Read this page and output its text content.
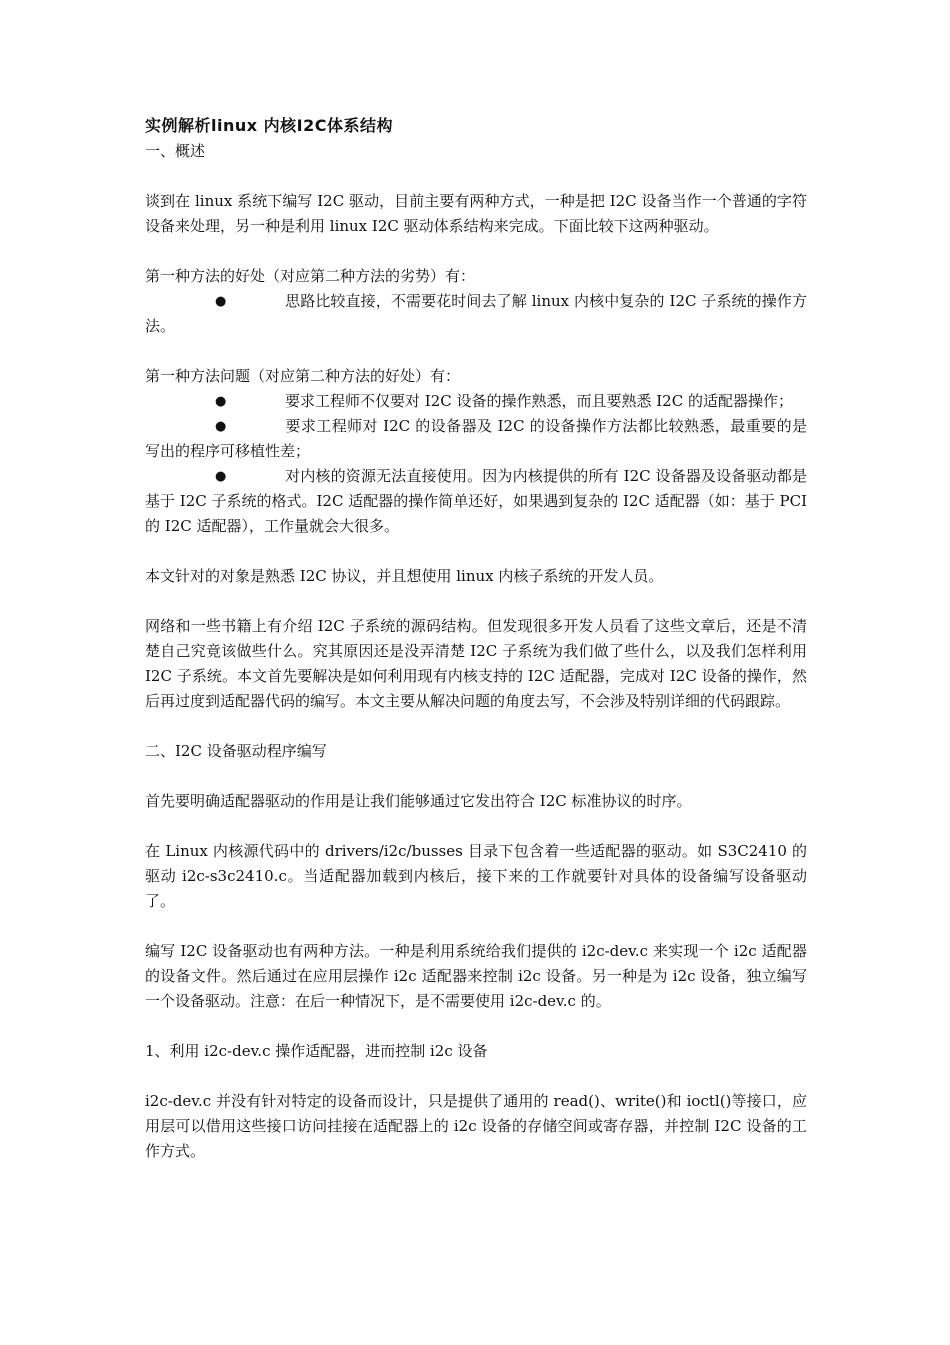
实例解析linux 内核I2C体系结构
一、概述
谈到在 linux 系统下编写 I2C 驱动，目前主要有两种方式，一种是把 I2C 设备当作一个普通的字符设备来处理，另一种是利用 linux I2C 驱动体系结构来完成。下面比较下这两种驱动。
第一种方法的好处（对应第二种方法的劣势）有：
●	思路比较直接，不需要花时间去了解 linux 内核中复杂的 I2C 子系统的操作方法。
第一种方法问题（对应第二种方法的好处）有：
●	要求工程师不仅要对 I2C 设备的操作熟悉，而且要熟悉 I2C 的适配器操作；
●	要求工程师对 I2C 的设备器及 I2C 的设备操作方法都比较熟悉，最重要的是写出的程序可移植性差；
●	对内核的资源无法直接使用。因为内核提供的所有 I2C 设备器及设备驱动都是基于 I2C 子系统的格式。I2C 适配器的操作简单还好，如果遇到复杂的 I2C 适配器（如：基于 PCI 的 I2C 适配器），工作量就会大很多。
本文针对的对象是熟悉 I2C 协议，并且想使用 linux 内核子系统的开发人员。
网络和一些书籍上有介绍 I2C 子系统的源码结构。但发现很多开发人员看了这些文章后，还是不清楚自己究竟该做些什么。究其原因还是没弄清楚 I2C 子系统为我们做了些什么，以及我们怎样利用 I2C 子系统。本文首先要解决是如何利用现有内核支持的 I2C 适配器，完成对 I2C 设备的操作，然后再过度到适配器代码的编写。本文主要从解决问题的角度去写，不会涉及特别详细的代码跟踪。
二、I2C 设备驱动程序编写
首先要明确适配器驱动的作用是让我们能够通过它发出符合 I2C 标准协议的时序。
在 Linux 内核源代码中的 drivers/i2c/busses 目录下包含着一些适配器的驱动。如 S3C2410 的驱动 i2c-s3c2410.c。当适配器加载到内核后，接下来的工作就要针对具体的设备编写设备驱动了。
编写 I2C 设备驱动也有两种方法。一种是利用系统给我们提供的 i2c-dev.c 来实现一个 i2c 适配器的设备文件。然后通过在应用层操作 i2c 适配器来控制 i2c 设备。另一种是为 i2c 设备，独立编写一个设备驱动。注意：在后一种情况下，是不需要使用 i2c-dev.c 的。
1、利用 i2c-dev.c 操作适配器，进而控制 i2c 设备
i2c-dev.c 并没有针对特定的设备而设计，只是提供了通用的 read()、write()和 ioctl()等接口，应用层可以借用这些接口访问挂接在适配器上的 i2c 设备的存储空间或寄存器，并控制 I2C 设备的工作方式。
